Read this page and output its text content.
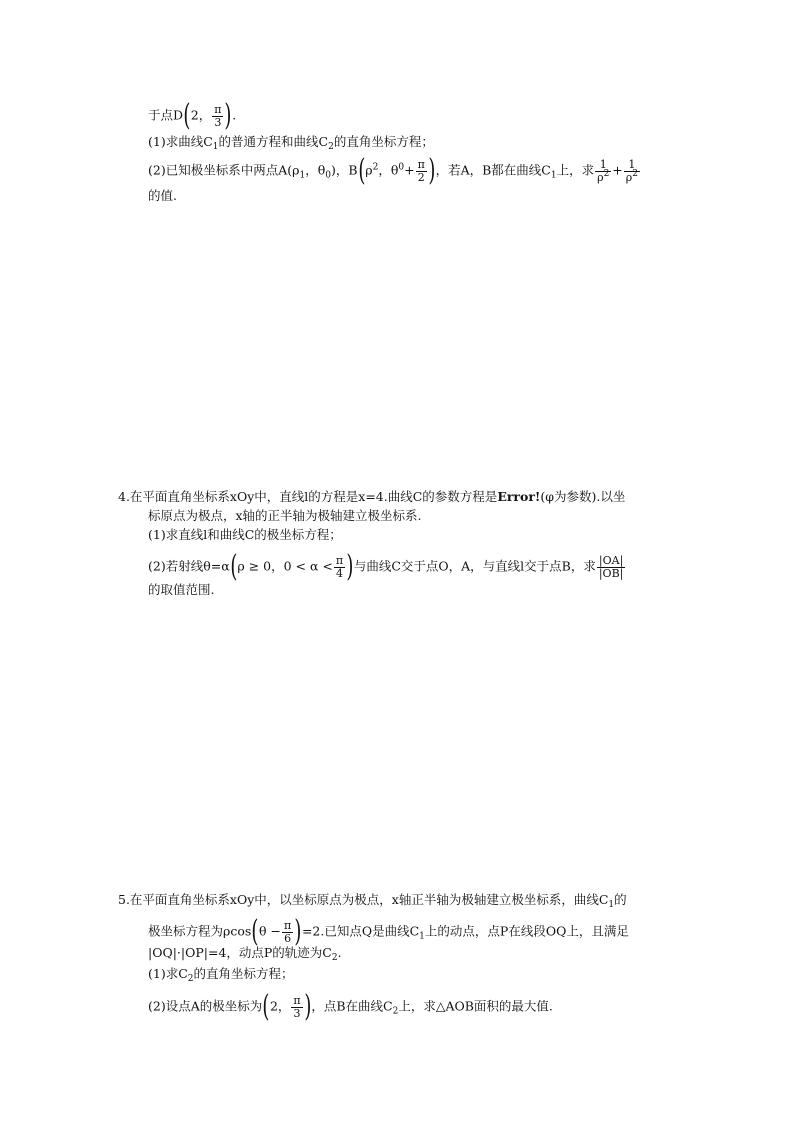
于点D(2， $\frac{\pi}{3}$ ).
(1)求曲线$C_1$的普通方程和曲线$C_2$的直角坐标方程；
(2)已知极坐标系中两点$A(\rho_1$，$\theta_0$)，$B(\rho^2$，$\theta^0+ \frac{\pi}{2}$ )，若A，B都在曲线$C_1$上，求 $\frac{1}{\rho^2} + \frac{1}{\rho^2}$
的值.
4.在平面直角坐标系xOy中，直线l的方程是x=4.曲线C的参数方程是Error!(φ为参数).以坐
标原点为极点，x轴的正半轴为极轴建立极坐标系.
(1)求直线l和曲线C的极坐标方程；
(2)若射线θ=α(ρ ≥ 0，$0 < \alpha < \frac{\pi}{4}$ )与曲线C交于点O，A，与直线l交于点B，求 $\frac{|OA|}{|OB|}$
的取值范围.
5.在平面直角坐标系xOy中，以坐标原点为极点，x轴正半轴为极轴建立极坐标系，曲线$C_1$的
极坐标方程为$\rho\cos(\theta - \frac{\pi}{6} )=2$.已知点Q是曲线$C_1$上的动点，点P在线段OQ上，且满足
|OQ|·|OP|=4，动点P的轨迹为$C_2$.
(1)求$C_2$的直角坐标方程；
(2)设点A的极坐标为(2， $\frac{\pi}{3}$ )，点B在曲线$C_2$上，求△AOB面积的最大值.
